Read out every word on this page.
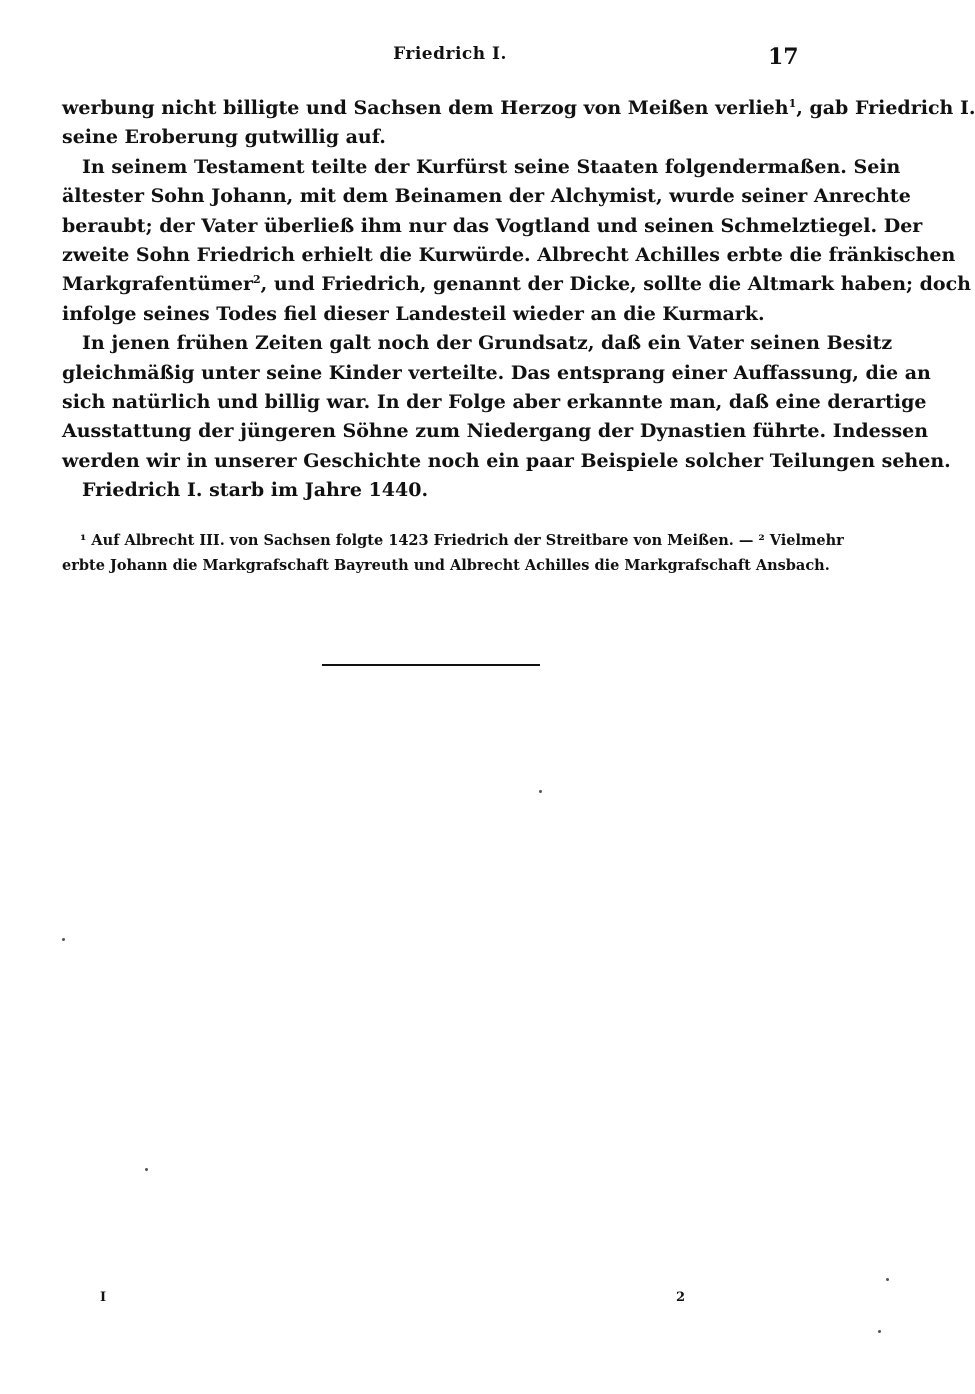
Friedrich I.	17

werbung nicht billigte und Sachsen dem Herzog von Meißen verlieh$^1$, gab Friedrich I.
seine Eroberung gutwillig auf.

In seinem Testament teilte der Kurfürst seine Staaten folgendermaßen. Sein
ältester Sohn Johann, mit dem Beinamen der Alchymist, wurde seiner Anrechte
beraubt; der Vater überließ ihm nur das Vogtland und seinen Schmelztiegel. Der
zweite Sohn Friedrich erhielt die Kurwürde. Albrecht Achilles erbte die fränkischen
Markgrafentümer$^2$, und Friedrich, genannt der Dicke, sollte die Altmark haben; doch
infolge seines Todes fiel dieser Landesteil wieder an die Kurmark.

In jenen frühen Zeiten galt noch der Grundsatz, daß ein Vater seinen Besitz
gleichmäßig unter seine Kinder verteilte. Das entsprang einer Auffassung, die an
sich natürlich und billig war. In der Folge aber erkannte man, daß eine derartige
Ausstattung der jüngeren Söhne zum Niedergang der Dynastien führte. Indessen
werden wir in unserer Geschichte noch ein paar Beispiele solcher Teilungen sehen.

Friedrich I. starb im Jahre 1440.

¹ Auf Albrecht III. von Sachsen folgte 1423 Friedrich der Streitbare von Meißen. — ² Vielmehr
erbte Johann die Markgrafschaft Bayreuth und Albrecht Achilles die Markgrafschaft Ansbach.
I	2
